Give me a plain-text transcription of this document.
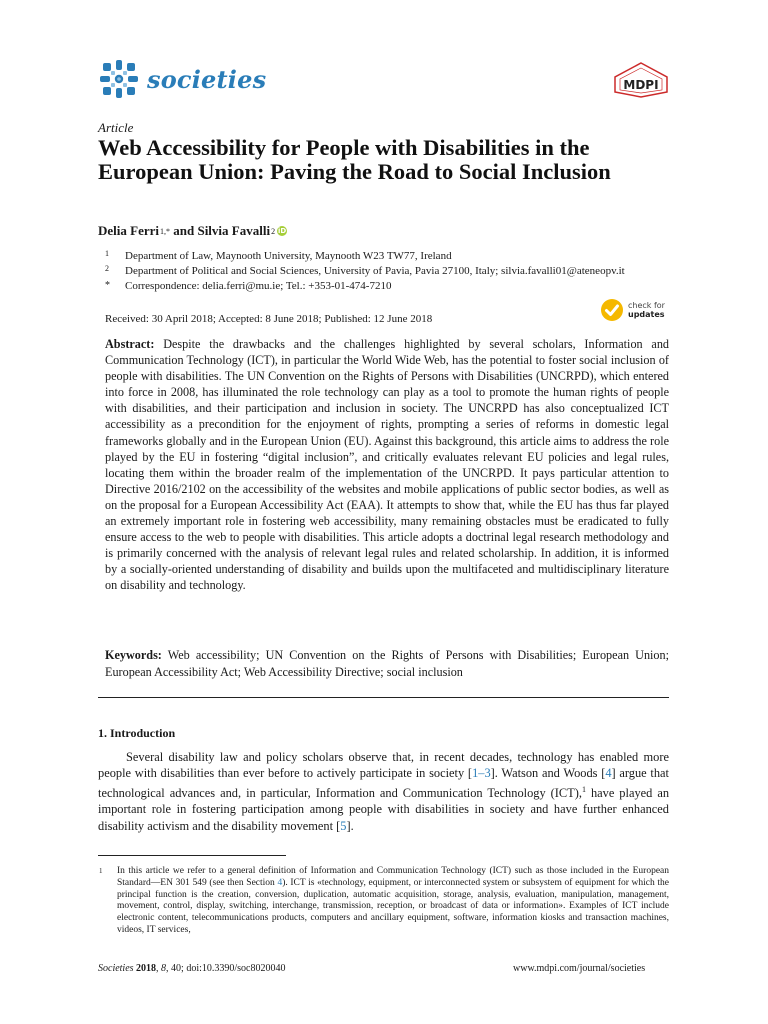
societies	MDPI
Article
Web Accessibility for People with Disabilities in the European Union: Paving the Road to Social Inclusion
Delia Ferri 1,* and Silvia Favalli 2 iD
1 Department of Law, Maynooth University, Maynooth W23 TW77, Ireland
2 Department of Political and Social Sciences, University of Pavia, Pavia 27100, Italy; silvia.favalli01@ateneopv.it
* Correspondence: delia.ferri@mu.ie; Tel.: +353-01-474-7210
check for
updates
Received: 30 April 2018; Accepted: 8 June 2018; Published: 12 June 2018

Abstract: Despite the drawbacks and the challenges highlighted by several scholars, Information and Communication Technology (ICT), in particular the World Wide Web, has the potential to foster social inclusion of people with disabilities. The UN Convention on the Rights of Persons with Disabilities (UNCRPD), which entered into force in 2008, has illuminated the role technology can play as a tool to promote the human rights of people with disabilities, and their participation and inclusion in society. The UNCRPD has also conceptualized ICT accessibility as a precondition for the enjoyment of rights, prompting a series of reforms in domestic legal frameworks globally and in the European Union (EU). Against this background, this article aims to address the role played by the EU in fostering “digital inclusion”, and critically evaluates relevant EU policies and legal rules, locating them within the broader realm of the implementation of the UNCRPD. It pays particular attention to Directive 2016/2102 on the accessibility of the websites and mobile applications of public sector bodies, as well as on the proposal for a European Accessibility Act (EAA). It attempts to show that, while the EU has thus far played an extremely important role in fostering web accessibility, many remaining obstacles must be eradicated to fully ensure access to the web to people with disabilities. This article adopts a doctrinal legal research methodology and is primarily concerned with the analysis of relevant legal rules and related scholarship. In addition, it is informed by a socially-oriented understanding of disability and builds upon the multifaceted and multidisciplinary literature on disability and technology.

Keywords: Web accessibility; UN Convention on the Rights of Persons with Disabilities; European Union; European Accessibility Act; Web Accessibility Directive; social inclusion

1. Introduction

Several disability law and policy scholars observe that, in recent decades, technology has enabled more people with disabilities than ever before to actively participate in society [1–3]. Watson and Woods [4] argue that technological advances and, in particular, Information and Communication Technology (ICT),$^1$ have played an important role in fostering participation among people with disabilities in society and have further enhanced disability activism and the disability movement [5].

1 In this article we refer to a general definition of Information and Communication Technology (ICT) such as those included in the European Standard—EN 301 549 (see then Section 4). ICT is «technology, equipment, or interconnected system or subsystem of equipment for which the principal function is the creation, conversion, duplication, automatic acquisition, storage, analysis, evaluation, manipulation, management, movement, control, display, switching, interchange, transmission, reception, or broadcast of data or information». Examples of ICT include electronic content, telecommunications products, computers and ancillary equipment, software, information kiosks and transaction machines, videos, IT services,

Societies 2018, 8, 40; doi:10.3390/soc8020040	www.mdpi.com/journal/societies
